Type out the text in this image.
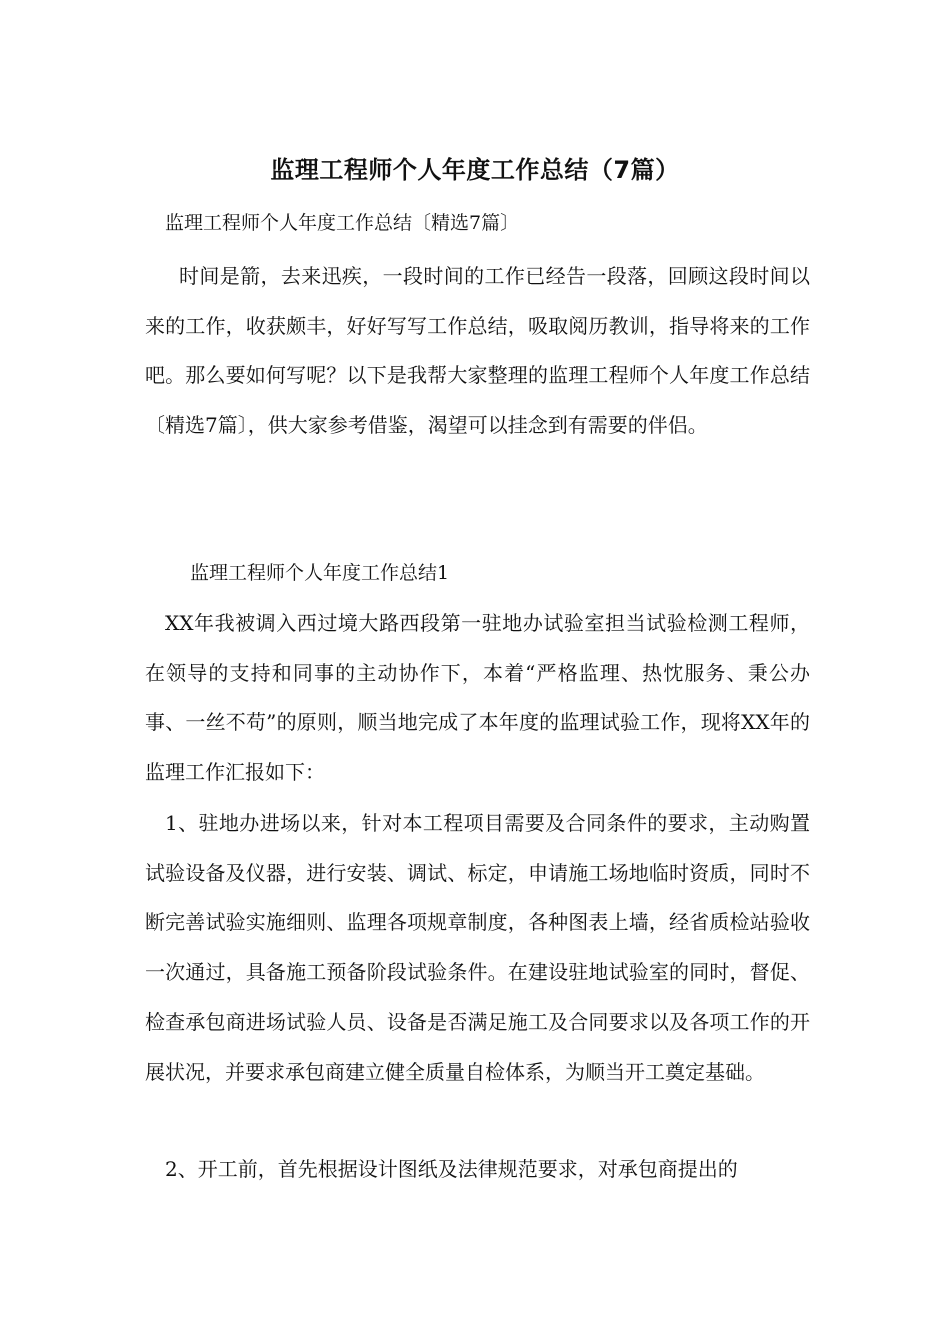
监理工程师个人年度工作总结（7篇）
监理工程师个人年度工作总结〔精选7篇〕

时间是箭，去来迅疾，一段时间的工作已经告一段落，回顾这段时间以来的工作，收获颇丰，好好写写工作总结，吸取阅历教训，指导将来的工作吧。那么要如何写呢？以下是我帮大家整理的监理工程师个人年度工作总结〔精选7篇〕，供大家参考借鉴，渴望可以挂念到有需要的伴侣。

监理工程师个人年度工作总结1

XX年我被调入西过境大路西段第一驻地办试验室担当试验检测工程师，在领导的支持和同事的主动协作下，本着“严格监理、热忱服务、秉公办事、一丝不苟”的原则，顺当地完成了本年度的监理试验工作，现将XX年的监理工作汇报如下：

1、驻地办进场以来，针对本工程项目需要及合同条件的要求，主动购置试验设备及仪器，进行安装、调试、标定，申请施工场地临时资质，同时不断完善试验实施细则、监理各项规章制度，各种图表上墙，经省质检站验收一次通过，具备施工预备阶段试验条件。在建设驻地试验室的同时，督促、检查承包商进场试验人员、设备是否满足施工及合同要求以及各项工作的开展状况，并要求承包商建立健全质量自检体系，为顺当开工奠定基础。

2、开工前，首先根据设计图纸及法律规范要求，对承包商提出的
